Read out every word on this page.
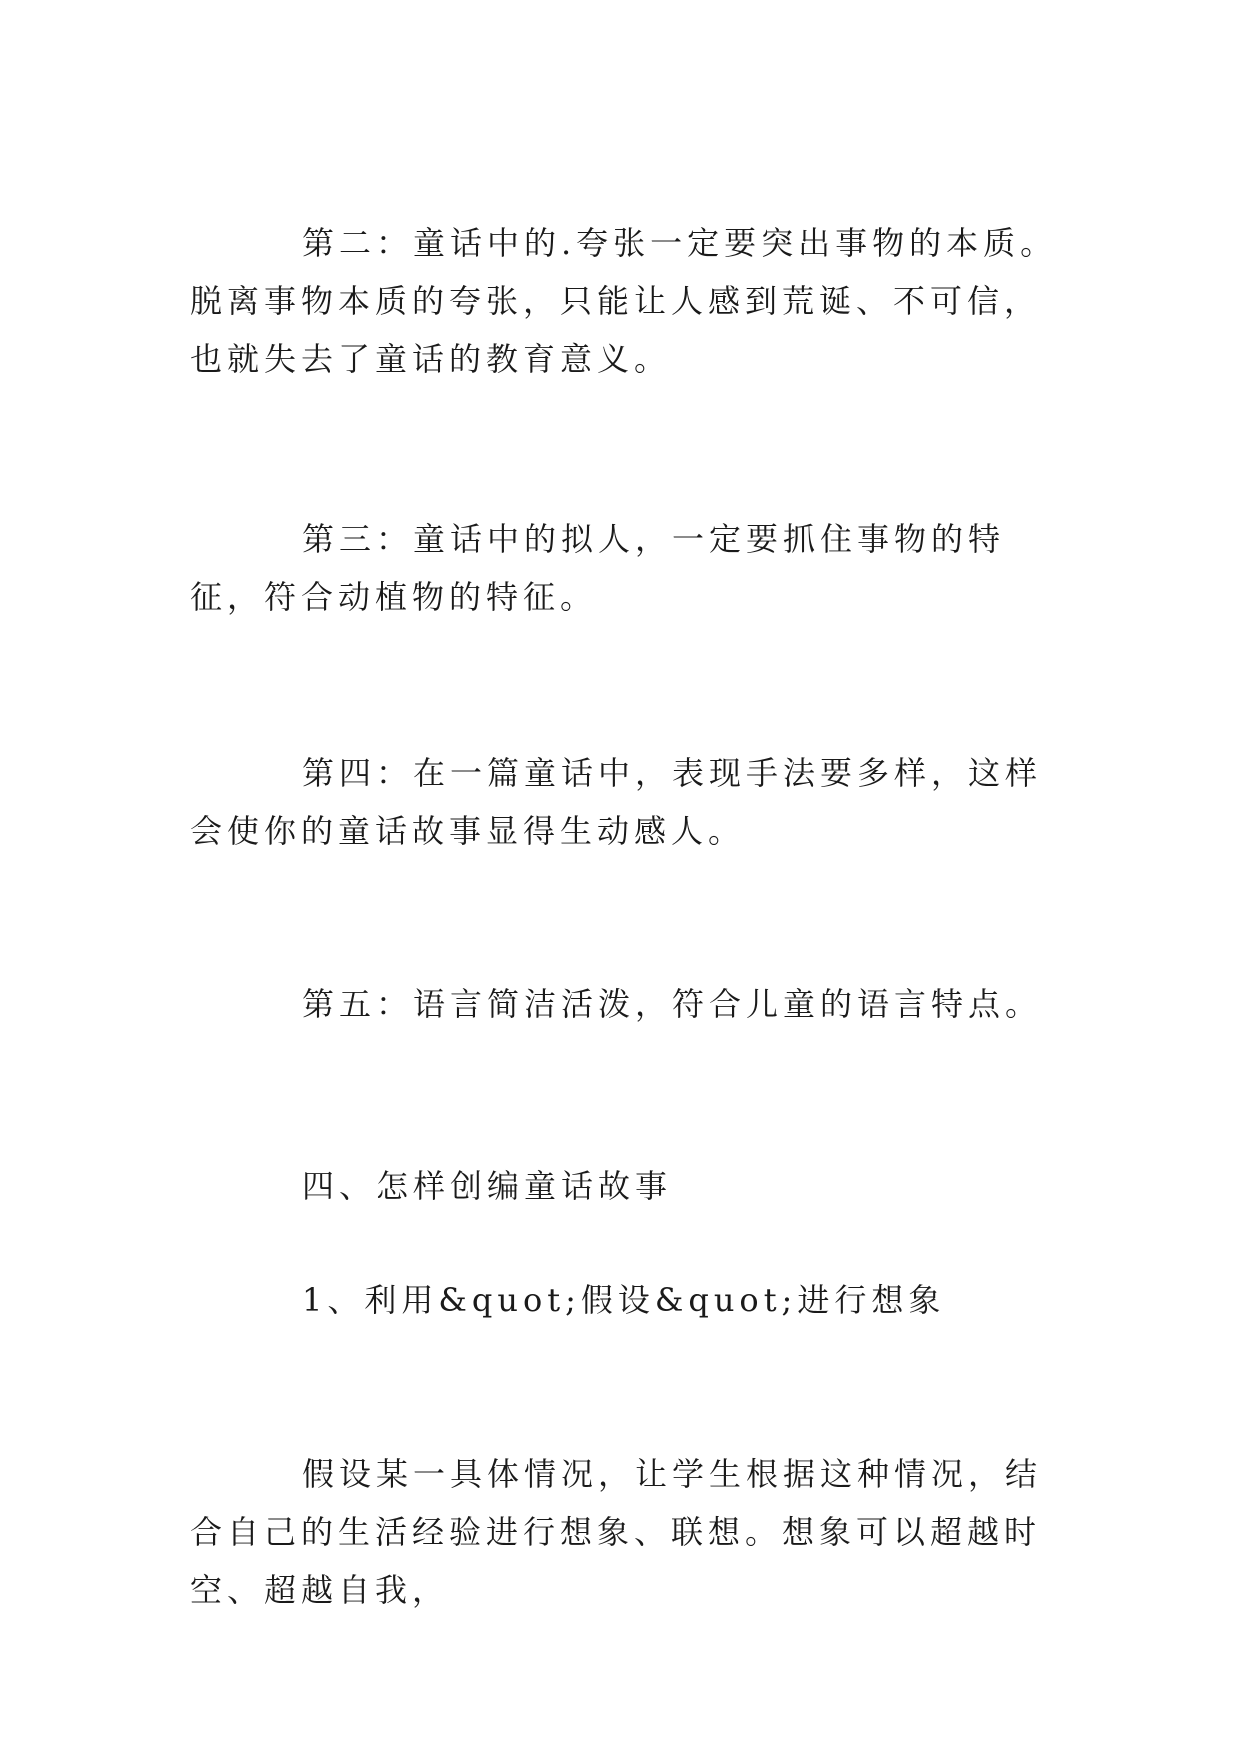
第二：童话中的.夸张一定要突出事物的本质。脱离事物本质的夸张，只能让人感到荒诞、不可信，也就失去了童话的教育意义。

第三：童话中的拟人，一定要抓住事物的特征，符合动植物的特征。

第四：在一篇童话中，表现手法要多样，这样会使你的童话故事显得生动感人。

第五：语言简洁活泼，符合儿童的语言特点。

四、怎样创编童话故事

1、利用&quot;假设&quot;进行想象

假设某一具体情况，让学生根据这种情况，结合自己的生活经验进行想象、联想。想象可以超越时空、超越自我，
